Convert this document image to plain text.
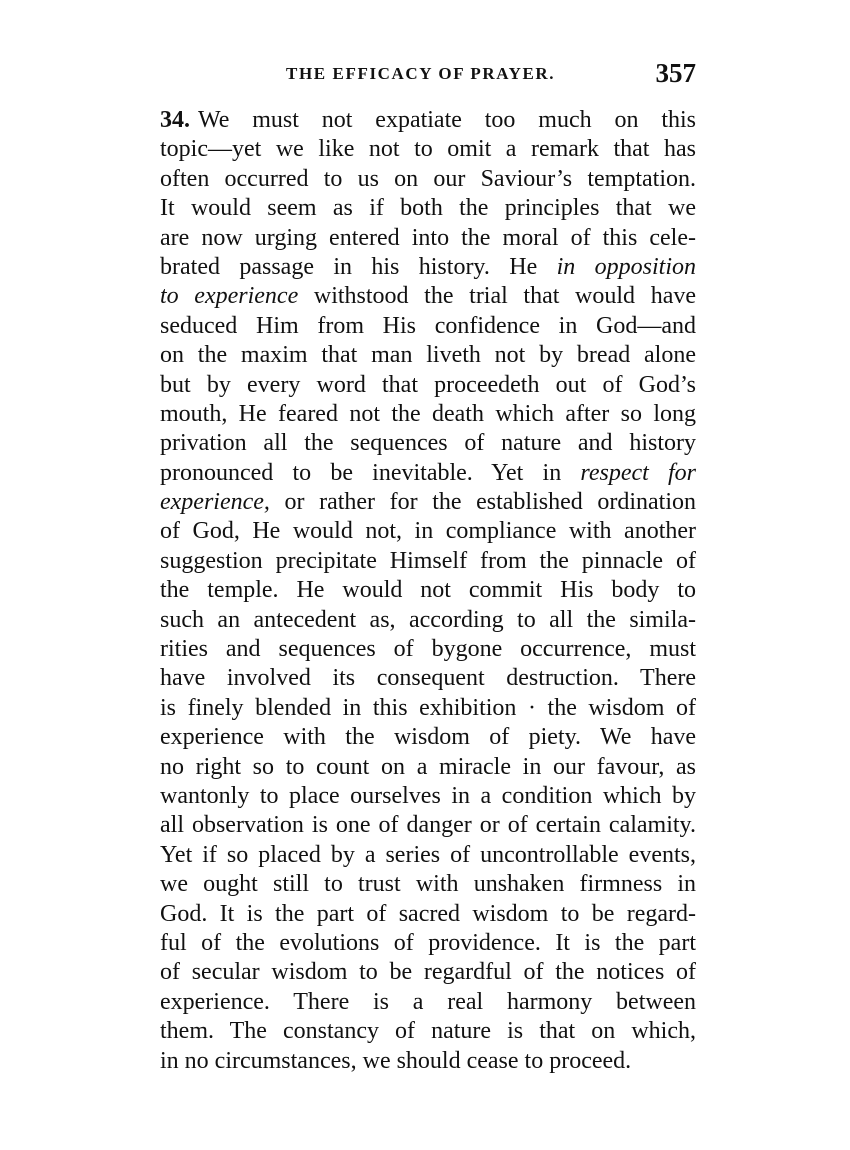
THE EFFICACY OF PRAYER.	357
34. We must not expatiate too much on this
topic—yet we like not to omit a remark that has
often occurred to us on our Saviour’s temptation.
It would seem as if both the principles that we
are now urging entered into the moral of this cele-
brated passage in his history. He in opposition
to experience withstood the trial that would have
seduced Him from His confidence in God—and
on the maxim that man liveth not by bread alone
but by every word that proceedeth out of God’s
mouth, He feared not the death which after so long
privation all the sequences of nature and history
pronounced to be inevitable. Yet in respect for
experience, or rather for the established ordination
of God, He would not, in compliance with another
suggestion precipitate Himself from the pinnacle of
the temple. He would not commit His body to
such an antecedent as, according to all the simila-
rities and sequences of bygone occurrence, must
have involved its consequent destruction. There
is finely blended in this exhibition · the wisdom of
experience with the wisdom of piety. We have
no right so to count on a miracle in our favour, as
wantonly to place ourselves in a condition which by
all observation is one of danger or of certain calamity.
Yet if so placed by a series of uncontrollable events,
we ought still to trust with unshaken firmness in
God. It is the part of sacred wisdom to be regard-
ful of the evolutions of providence. It is the part
of secular wisdom to be regardful of the notices of
experience. There is a real harmony between
them. The constancy of nature is that on which,
in no circumstances, we should cease to proceed.
